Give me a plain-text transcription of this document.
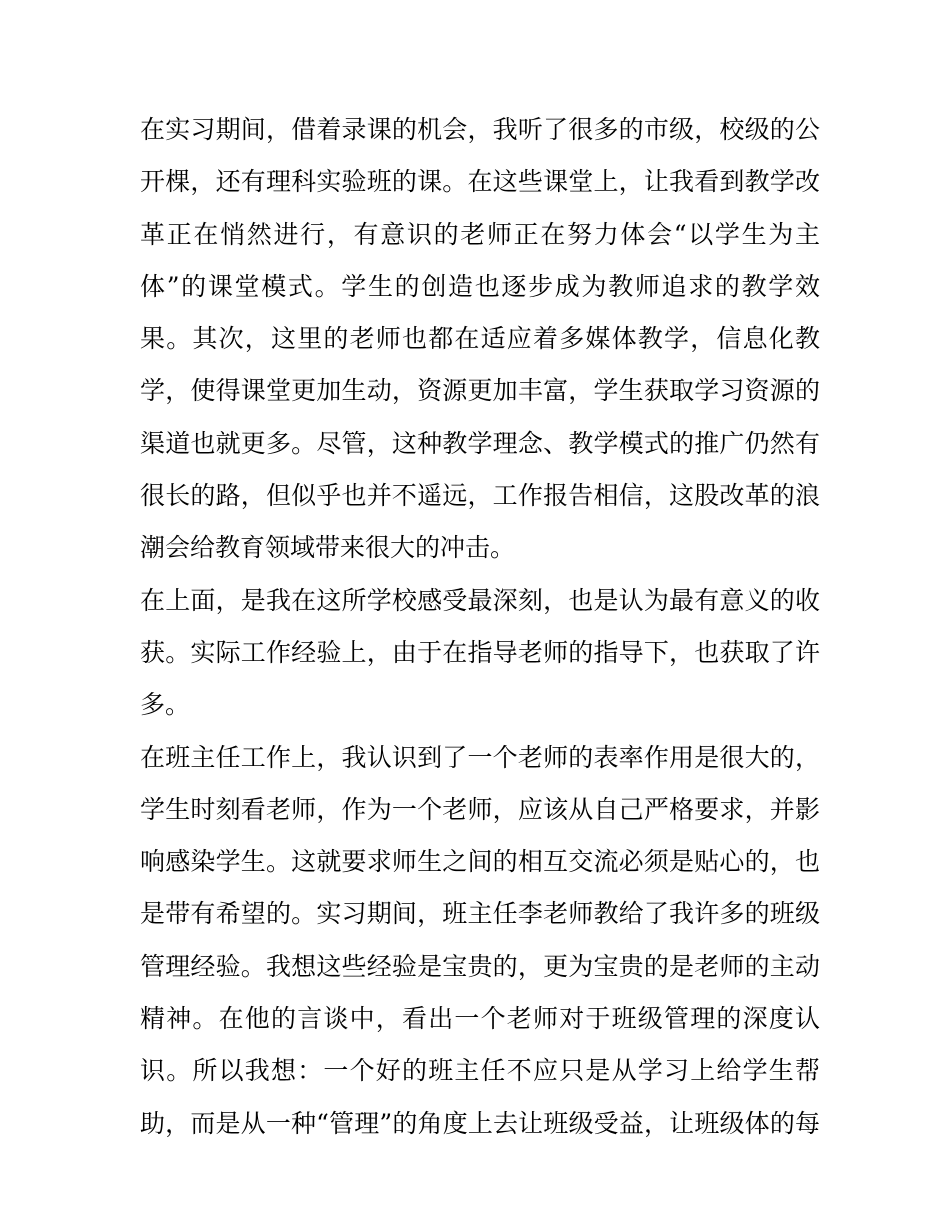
在实习期间，借着录课的机会，我听了很多的市级，校级的公
开棵，还有理科实验班的课。在这些课堂上，让我看到教学改
革正在悄然进行，有意识的老师正在努力体会“以学生为主
体”的课堂模式。学生的创造也逐步成为教师追求的教学效
果。其次，这里的老师也都在适应着多媒体教学，信息化教
学，使得课堂更加生动，资源更加丰富，学生获取学习资源的
渠道也就更多。尽管，这种教学理念、教学模式的推广仍然有
很长的路，但似乎也并不遥远，工作报告相信，这股改革的浪
潮会给教育领域带来很大的冲击。
在上面，是我在这所学校感受最深刻，也是认为最有意义的收
获。实际工作经验上，由于在指导老师的指导下，也获取了许
多。
在班主任工作上，我认识到了一个老师的表率作用是很大的，
学生时刻看老师，作为一个老师，应该从自己严格要求，并影
响感染学生。这就要求师生之间的相互交流必须是贴心的，也
是带有希望的。实习期间，班主任李老师教给了我许多的班级
管理经验。我想这些经验是宝贵的，更为宝贵的是老师的主动
精神。在他的言谈中，看出一个老师对于班级管理的深度认
识。所以我想：一个好的班主任不应只是从学习上给学生帮
助，而是从一种“管理”的角度上去让班级受益，让班级体的每
